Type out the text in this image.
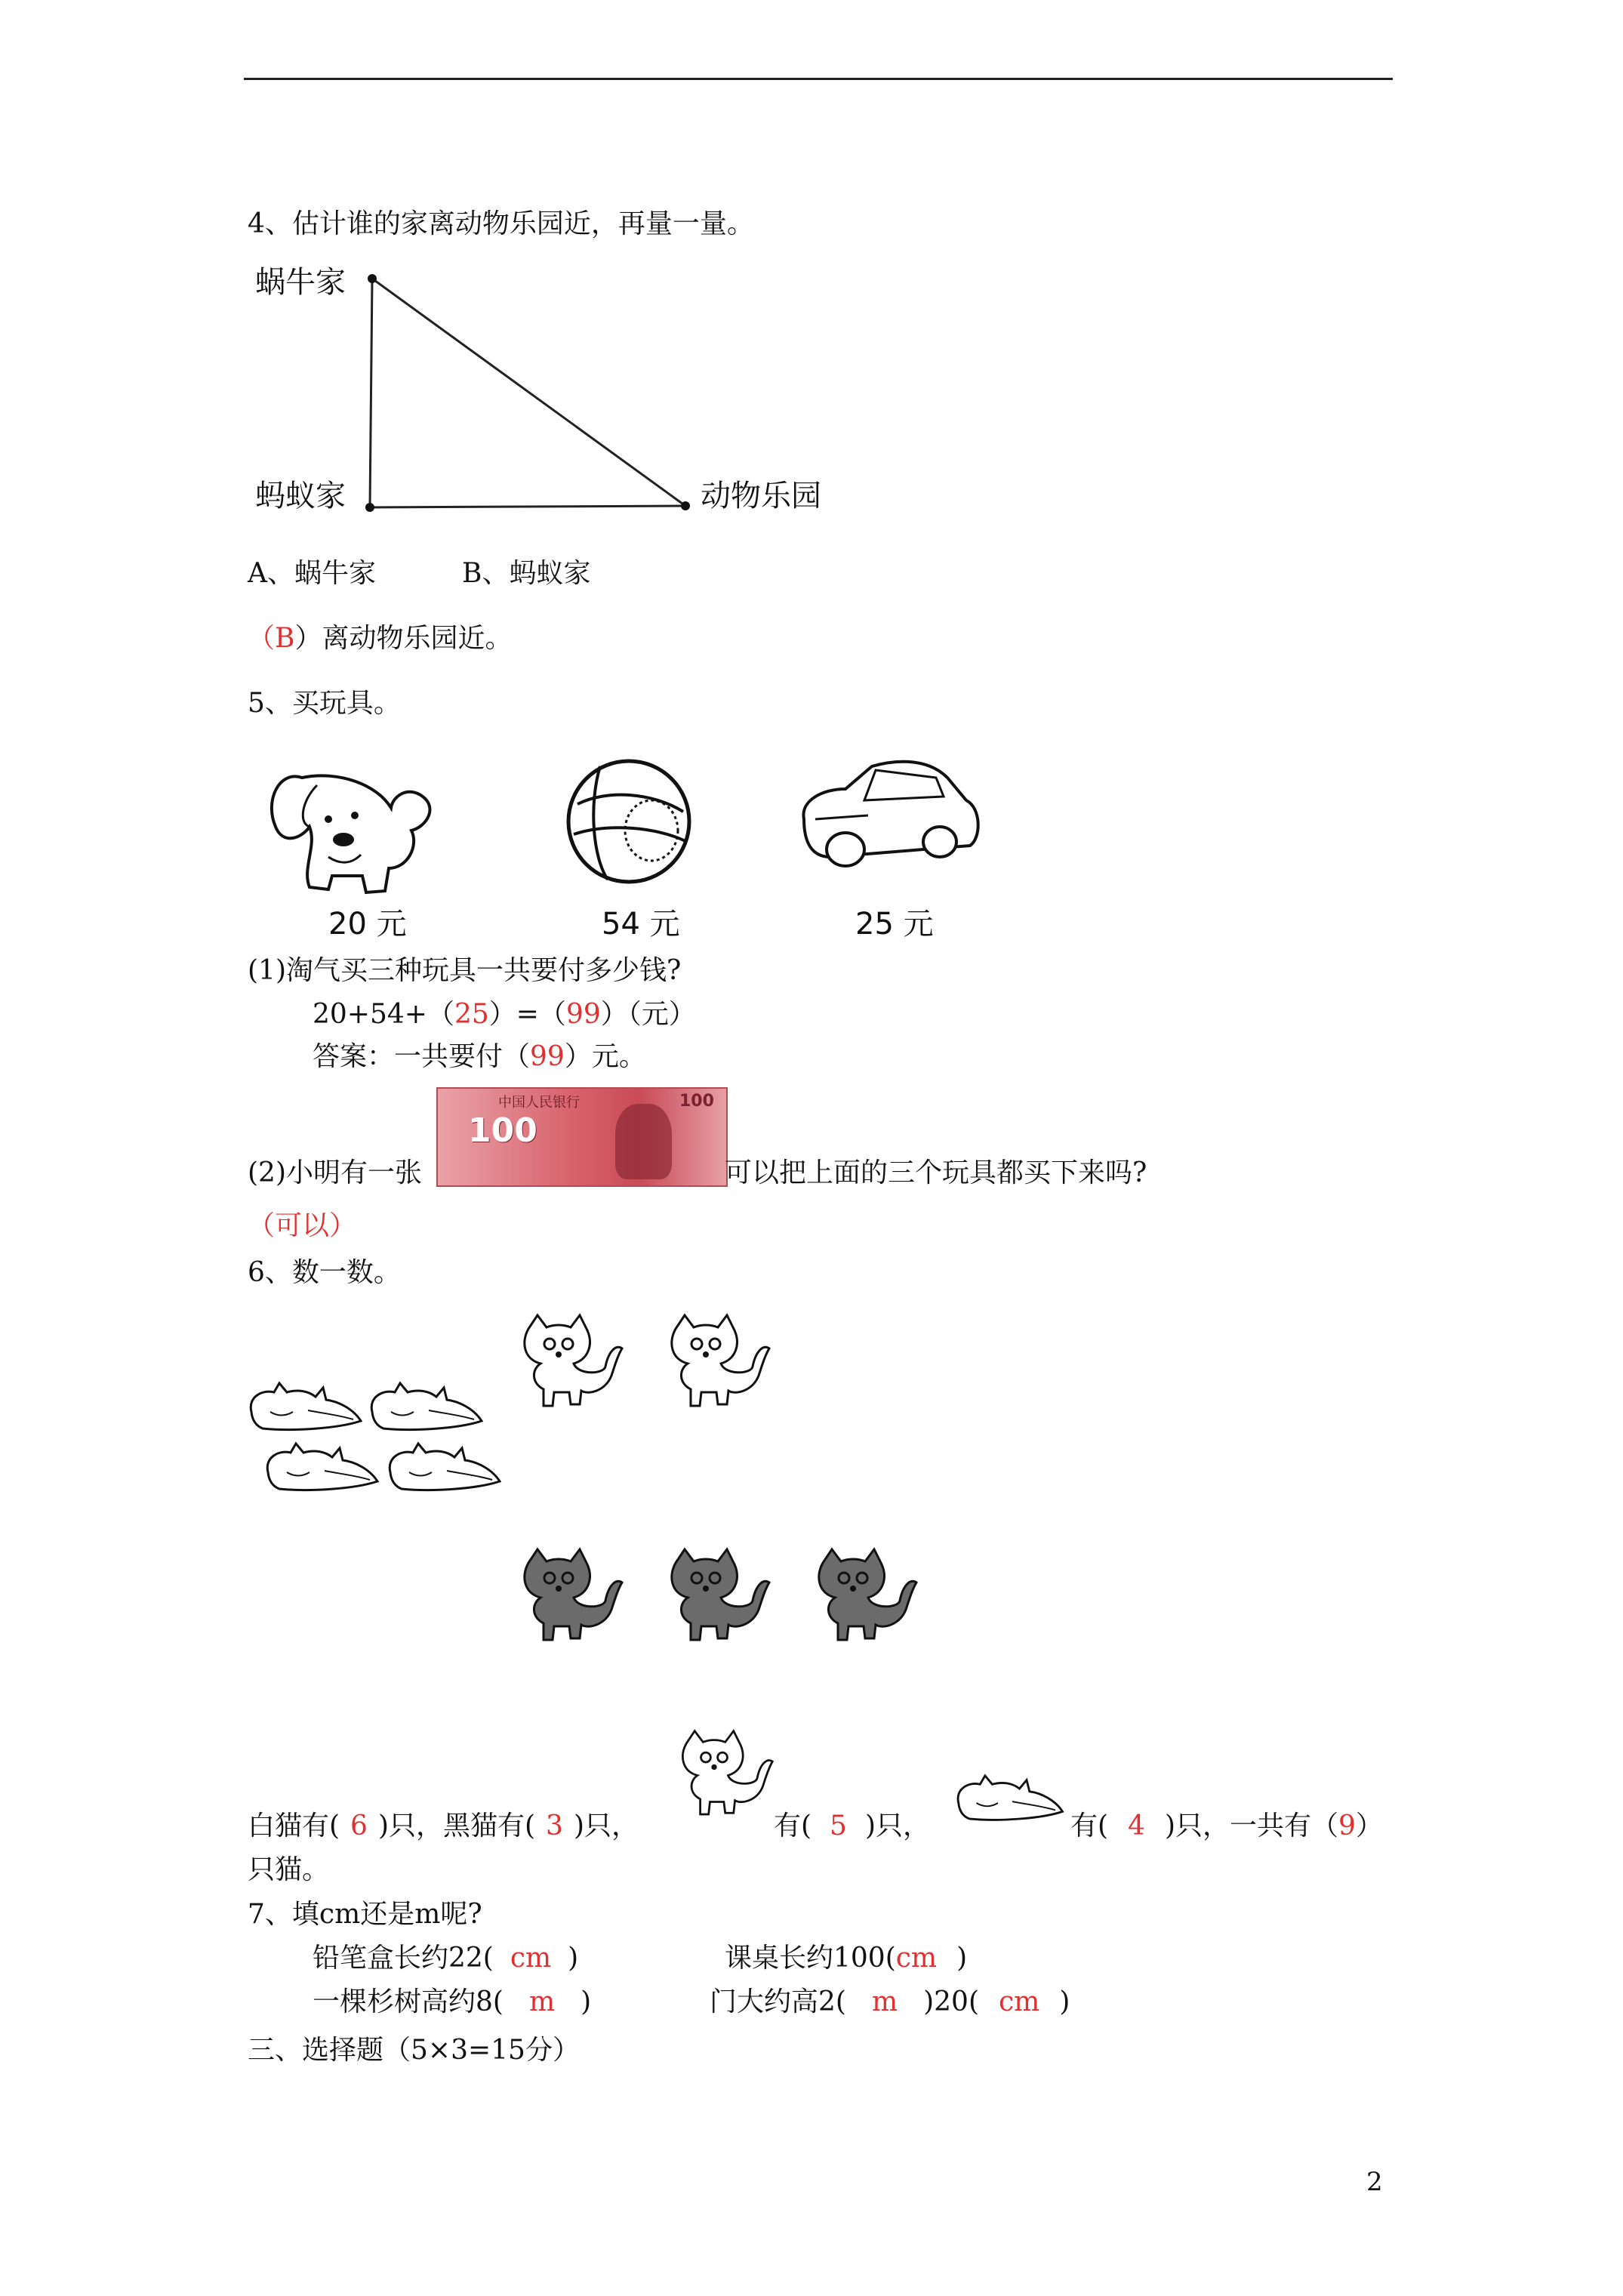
4、估计谁的家离动物乐园近，再量一量。
蜗牛家
蚂蚁家	动物乐园
A、蜗牛家	B、蚂蚁家
（B）离动物乐园近。
5、买玩具。
20 元	54 元	25 元
(1)淘气买三种玩具一共要付多少钱?
20+54+（25）=（99）（元）
答案：一共要付（99）元。
(2)小明有一张
中国人民银行
100
100
可以把上面的三个玩具都买下来吗?
（可以）
6、数一数。
白猫有( 6 )只，黑猫有( 3 )只，	有( 5 )只，	有( 4 )只，一共有（9）
只猫。
7、填cm还是m呢?
铅笔盒长约22( cm )	课桌长约100(cm )
一棵杉树高约8( m )	门大约高2( m )20( cm )
三、选择题（5×3=15分）
2
